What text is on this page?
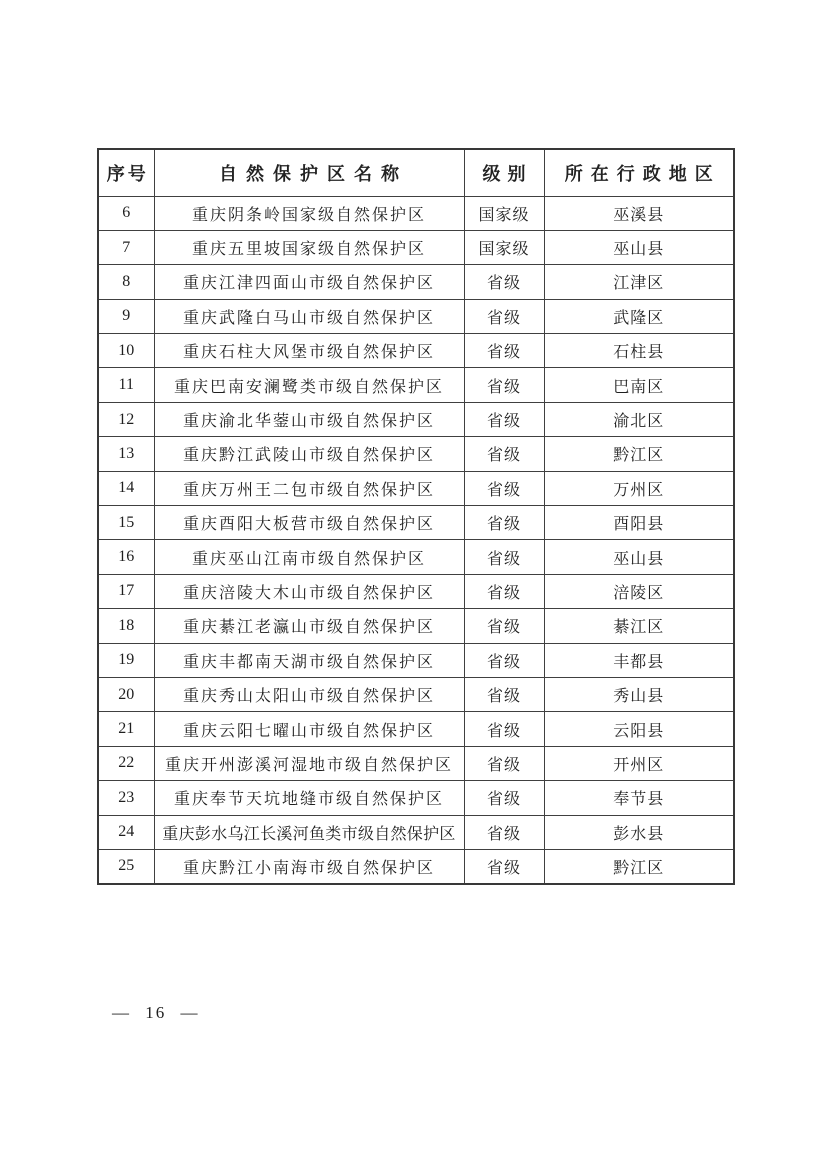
序号	自然保护区名称	级别	所在行政地区
6	重庆阴条岭国家级自然保护区	国家级	巫溪县
7	重庆五里坡国家级自然保护区	国家级	巫山县
8	重庆江津四面山市级自然保护区	省级	江津区
9	重庆武隆白马山市级自然保护区	省级	武隆区
10	重庆石柱大风堡市级自然保护区	省级	石柱县
11	重庆巴南安澜鹭类市级自然保护区	省级	巴南区
12	重庆渝北华蓥山市级自然保护区	省级	渝北区
13	重庆黔江武陵山市级自然保护区	省级	黔江区
14	重庆万州王二包市级自然保护区	省级	万州区
15	重庆酉阳大板营市级自然保护区	省级	酉阳县
16	重庆巫山江南市级自然保护区	省级	巫山县
17	重庆涪陵大木山市级自然保护区	省级	涪陵区
18	重庆綦江老瀛山市级自然保护区	省级	綦江区
19	重庆丰都南天湖市级自然保护区	省级	丰都县
20	重庆秀山太阳山市级自然保护区	省级	秀山县
21	重庆云阳七曜山市级自然保护区	省级	云阳县
22	重庆开州澎溪河湿地市级自然保护区	省级	开州区
23	重庆奉节天坑地缝市级自然保护区	省级	奉节县
24	重庆彭水乌江长溪河鱼类市级自然保护区	省级	彭水县
25	重庆黔江小南海市级自然保护区	省级	黔江区
— 16 —
